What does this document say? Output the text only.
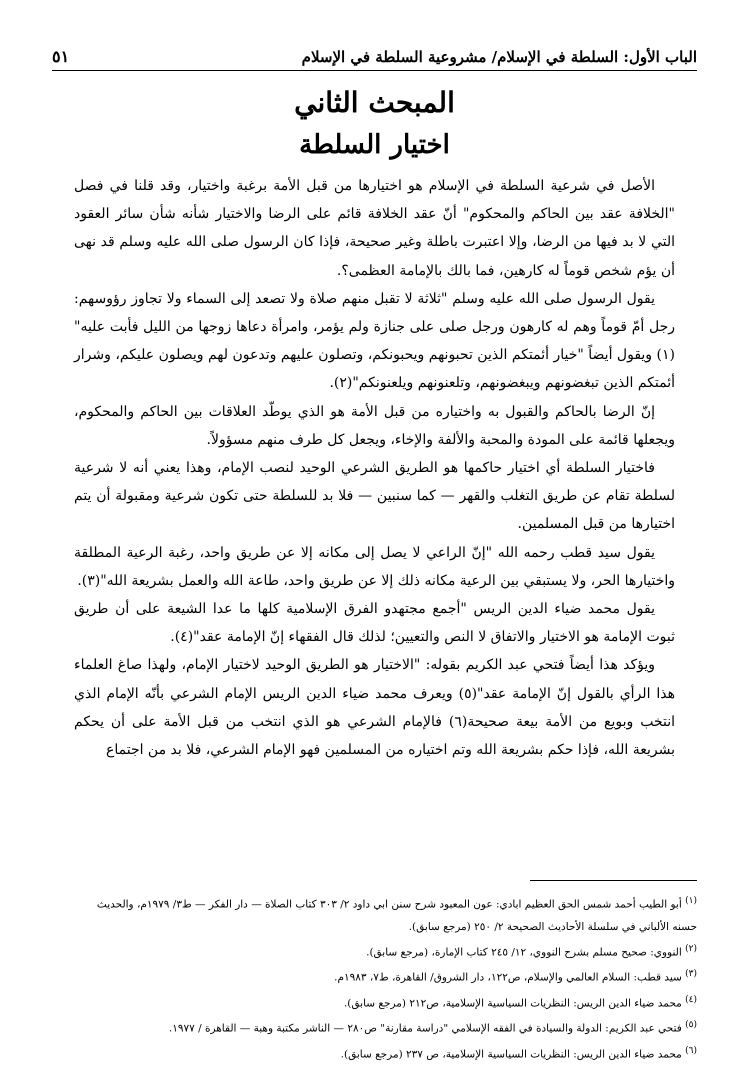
الباب الأول: السلطة في الإسلام/ مشروعية السلطة في الإسلام
٥١
المبحث الثاني
اختيار السلطة

الأصل في شرعية السلطة في الإسلام هو اختيارها من قبل الأمة برغبة واختيار، وقد قلنا في فصل "الخلافة عقد بين الحاكم والمحكوم" أنّ عقد الخلافة قائم على الرضا والاختيار شأنه شأن سائر العقود التي لا بد فيها من الرضا، وإلا اعتبرت باطلة وغير صحيحة، فإذا كان الرسول صلى الله عليه وسلم قد نهى أن يؤم شخص قوماً له كارهين، فما بالك بالإمامة العظمى؟.

يقول الرسول صلى الله عليه وسلم "ثلاثة لا تقبل منهم صلاة ولا تصعد إلى السماء ولا تجاوز رؤوسهم: رجل أمّ قوماً وهم له كارهون ورجل صلى على جنازة ولم يؤمر، وامرأة دعاها زوجها من الليل فأبت عليه"(١) ويقول أيضاً "خيار أئمتكم الذين تحبونهم ويحبونكم، وتصلون عليهم وتدعون لهم ويصلون عليكم، وشرار أئمتكم الذين تبغضونهم ويبغضونهم، وتلعنونهم ويلعنونكم"(٢).

إنّ الرضا بالحاكم والقبول به واختياره من قبل الأمة هو الذي يوطّد العلاقات بين الحاكم والمحكوم، ويجعلها قائمة على المودة والمحبة والألفة والإخاء، ويجعل كل طرف منهم مسؤولاً.

فاختيار السلطة أي اختيار حاكمها هو الطريق الشرعي الوحيد لنصب الإمام، وهذا يعني أنه لا شرعية لسلطة تقام عن طريق التغلب والقهر — كما سنبين — فلا بد للسلطة حتى تكون شرعية ومقبولة أن يتم اختيارها من قبل المسلمين.

يقول سيد قطب رحمه الله "إنّ الراعي لا يصل إلى مكانه إلا عن طريق واحد، رغبة الرعية المطلقة واختيارها الحر، ولا يستبقي بين الرعية مكانه ذلك إلا عن طريق واحد، طاعة الله والعمل بشريعة الله"(٣).

يقول محمد ضياء الدين الريس "أجمع مجتهدو الفرق الإسلامية كلها ما عدا الشيعة على أن طريق ثبوت الإمامة هو الاختيار والاتفاق لا النص والتعيين؛ لذلك قال الفقهاء إنّ الإمامة عقد"(٤).

ويؤكد هذا أيضاً فتحي عبد الكريم بقوله: "الاختيار هو الطريق الوحيد لاختيار الإمام، ولهذا صاغ العلماء هذا الرأي بالقول إنّ الإمامة عقد"(٥) ويعرف محمد ضياء الدين الريس الإمام الشرعي بأنّه الإمام الذي انتخب وبويع من الأمة بيعة صحيحة(٦) فالإمام الشرعي هو الذي انتخب من قبل الأمة على أن يحكم بشريعة الله، فإذا حكم بشريعة الله وتم اختياره من المسلمين فهو الإمام الشرعي، فلا بد من اجتماع

(١) أبو الطيب أحمد شمس الحق العظيم ابادي: عون المعبود شرح سنن ابي داود ٢/ ٣٠٣ كتاب الصلاة — دار الفكر — ط٣/ ١٩٧٩م، والحديث حسنه الألباني في سلسلة الأحاديث الصحيحة ٢/ ٢٥٠ (مرجع سابق).
(٢) النووي: صحيح مسلم بشرح النووي، ١٢/ ٢٤٥ كتاب الإمارة، (مرجع سابق).
(٣) سيد قطب: السلام العالمي والإسلام، ص١٢٢، دار الشروق/ القاهرة، ط٧، ١٩٨٣م.
(٤) محمد ضياء الدين الريس: النظريات السياسية الإسلامية، ص٢١٢ (مرجع سابق).
(٥) فتحي عبد الكريم: الدولة والسيادة في الفقه الإسلامي "دراسة مقارنة" ص٢٨٠ — الناشر مكتبة وهبة — القاهرة / ١٩٧٧.
(٦) محمد ضياء الدين الريس: النظريات السياسية الإسلامية، ص ٢٣٧ (مرجع سابق).
